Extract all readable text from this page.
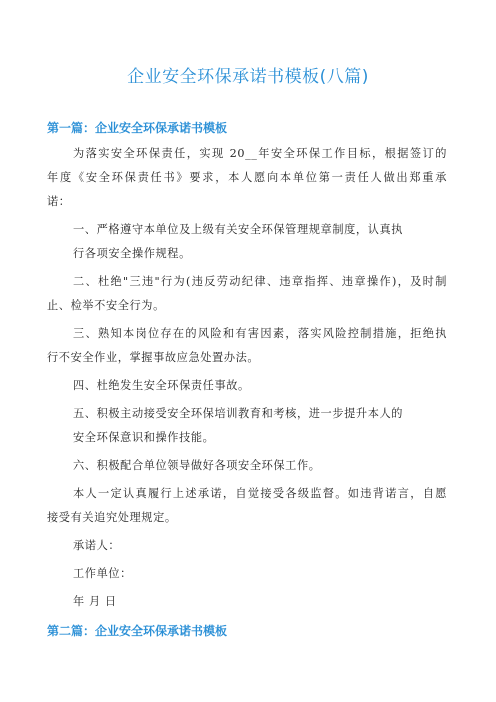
企业安全环保承诺书模板(八篇)
第一篇：企业安全环保承诺书模板
为落实安全环保责任，实现 20__年安全环保工作目标，根据签订的
年度《安全环保责任书》要求，本人愿向本单位第一责任人做出郑重承
诺：
一、严格遵守本单位及上级有关安全环保管理规章制度，认真执
行各项安全操作规程。
二、杜绝"三违"行为(违反劳动纪律、违章指挥、违章操作)，及时制
止、检举不安全行为。
三、熟知本岗位存在的风险和有害因素，落实风险控制措施，拒绝执
行不安全作业，掌握事故应急处置办法。
四、杜绝发生安全环保责任事故。
五、积极主动接受安全环保培训教育和考核，进一步提升本人的
安全环保意识和操作技能。
六、积极配合单位领导做好各项安全环保工作。
本人一定认真履行上述承诺，自觉接受各级监督。如违背诺言，自愿
接受有关追究处理规定。
承诺人：
工作单位：
年 月 日
第二篇：企业安全环保承诺书模板
